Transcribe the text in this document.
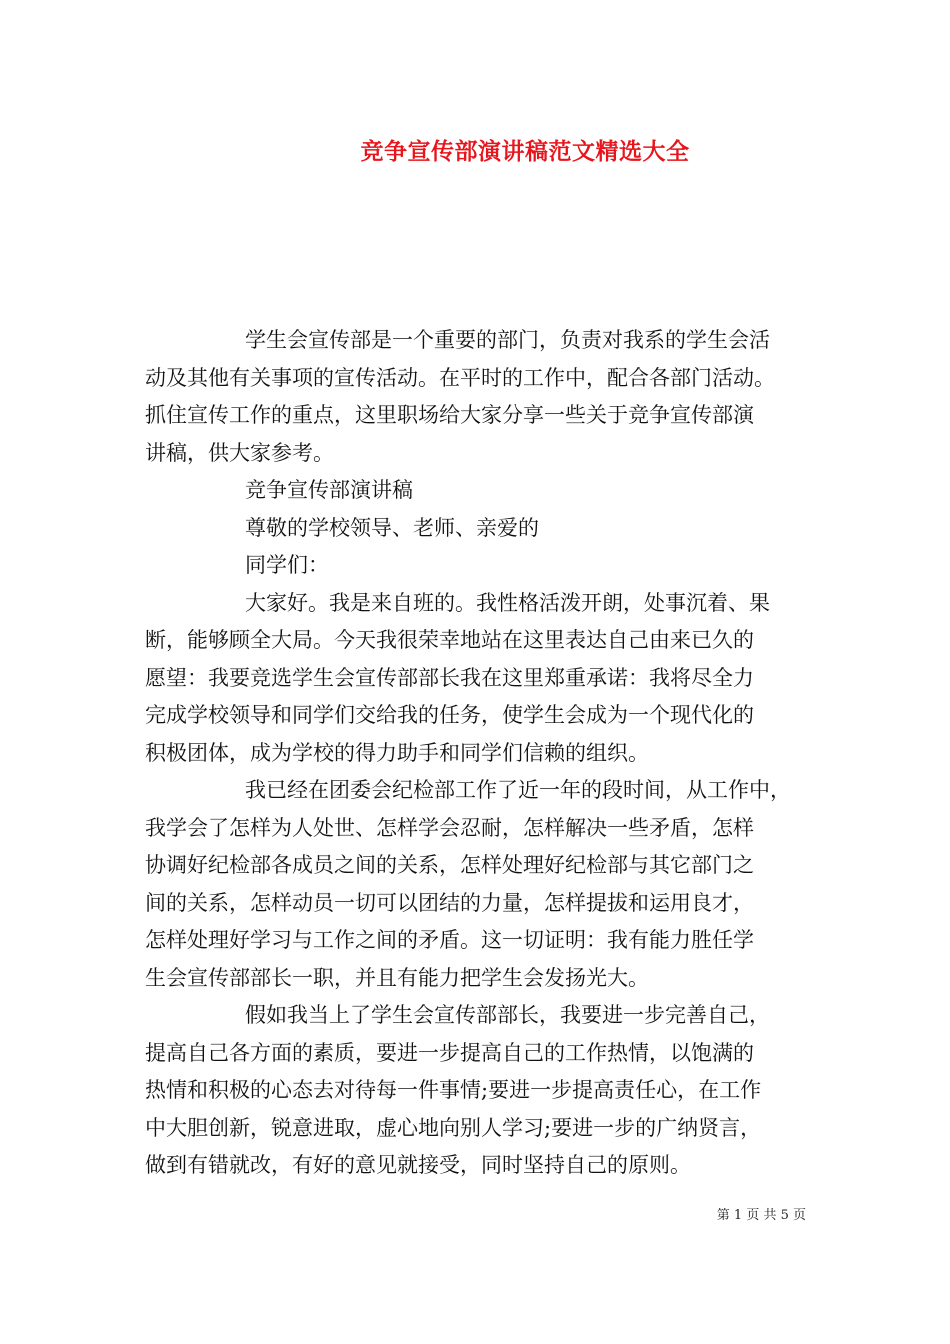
竞争宣传部演讲稿范文精选大全
学生会宣传部是一个重要的部门，负责对我系的学生会活
动及其他有关事项的宣传活动。在平时的工作中，配合各部门活动。
抓住宣传工作的重点，这里职场给大家分享一些关于竞争宣传部演
讲稿，供大家参考。
竞争宣传部演讲稿
尊敬的学校领导、老师、亲爱的
同学们：
大家好。我是来自班的。我性格活泼开朗，处事沉着、果
断，能够顾全大局。今天我很荣幸地站在这里表达自己由来已久的
愿望：我要竞选学生会宣传部部长我在这里郑重承诺：我将尽全力
完成学校领导和同学们交给我的任务，使学生会成为一个现代化的
积极团体，成为学校的得力助手和同学们信赖的组织。
我已经在团委会纪检部工作了近一年的段时间，从工作中，
我学会了怎样为人处世、怎样学会忍耐，怎样解决一些矛盾，怎样
协调好纪检部各成员之间的关系，怎样处理好纪检部与其它部门之
间的关系，怎样动员一切可以团结的力量，怎样提拔和运用良才，
怎样处理好学习与工作之间的矛盾。这一切证明：我有能力胜任学
生会宣传部部长一职，并且有能力把学生会发扬光大。
假如我当上了学生会宣传部部长，我要进一步完善自己，
提高自己各方面的素质，要进一步提高自己的工作热情，以饱满的
热情和积极的心态去对待每一件事情;要进一步提高责任心，在工作
中大胆创新，锐意进取，虚心地向别人学习;要进一步的广纳贤言，
做到有错就改，有好的意见就接受，同时坚持自己的原则。
第 1 页 共 5 页
